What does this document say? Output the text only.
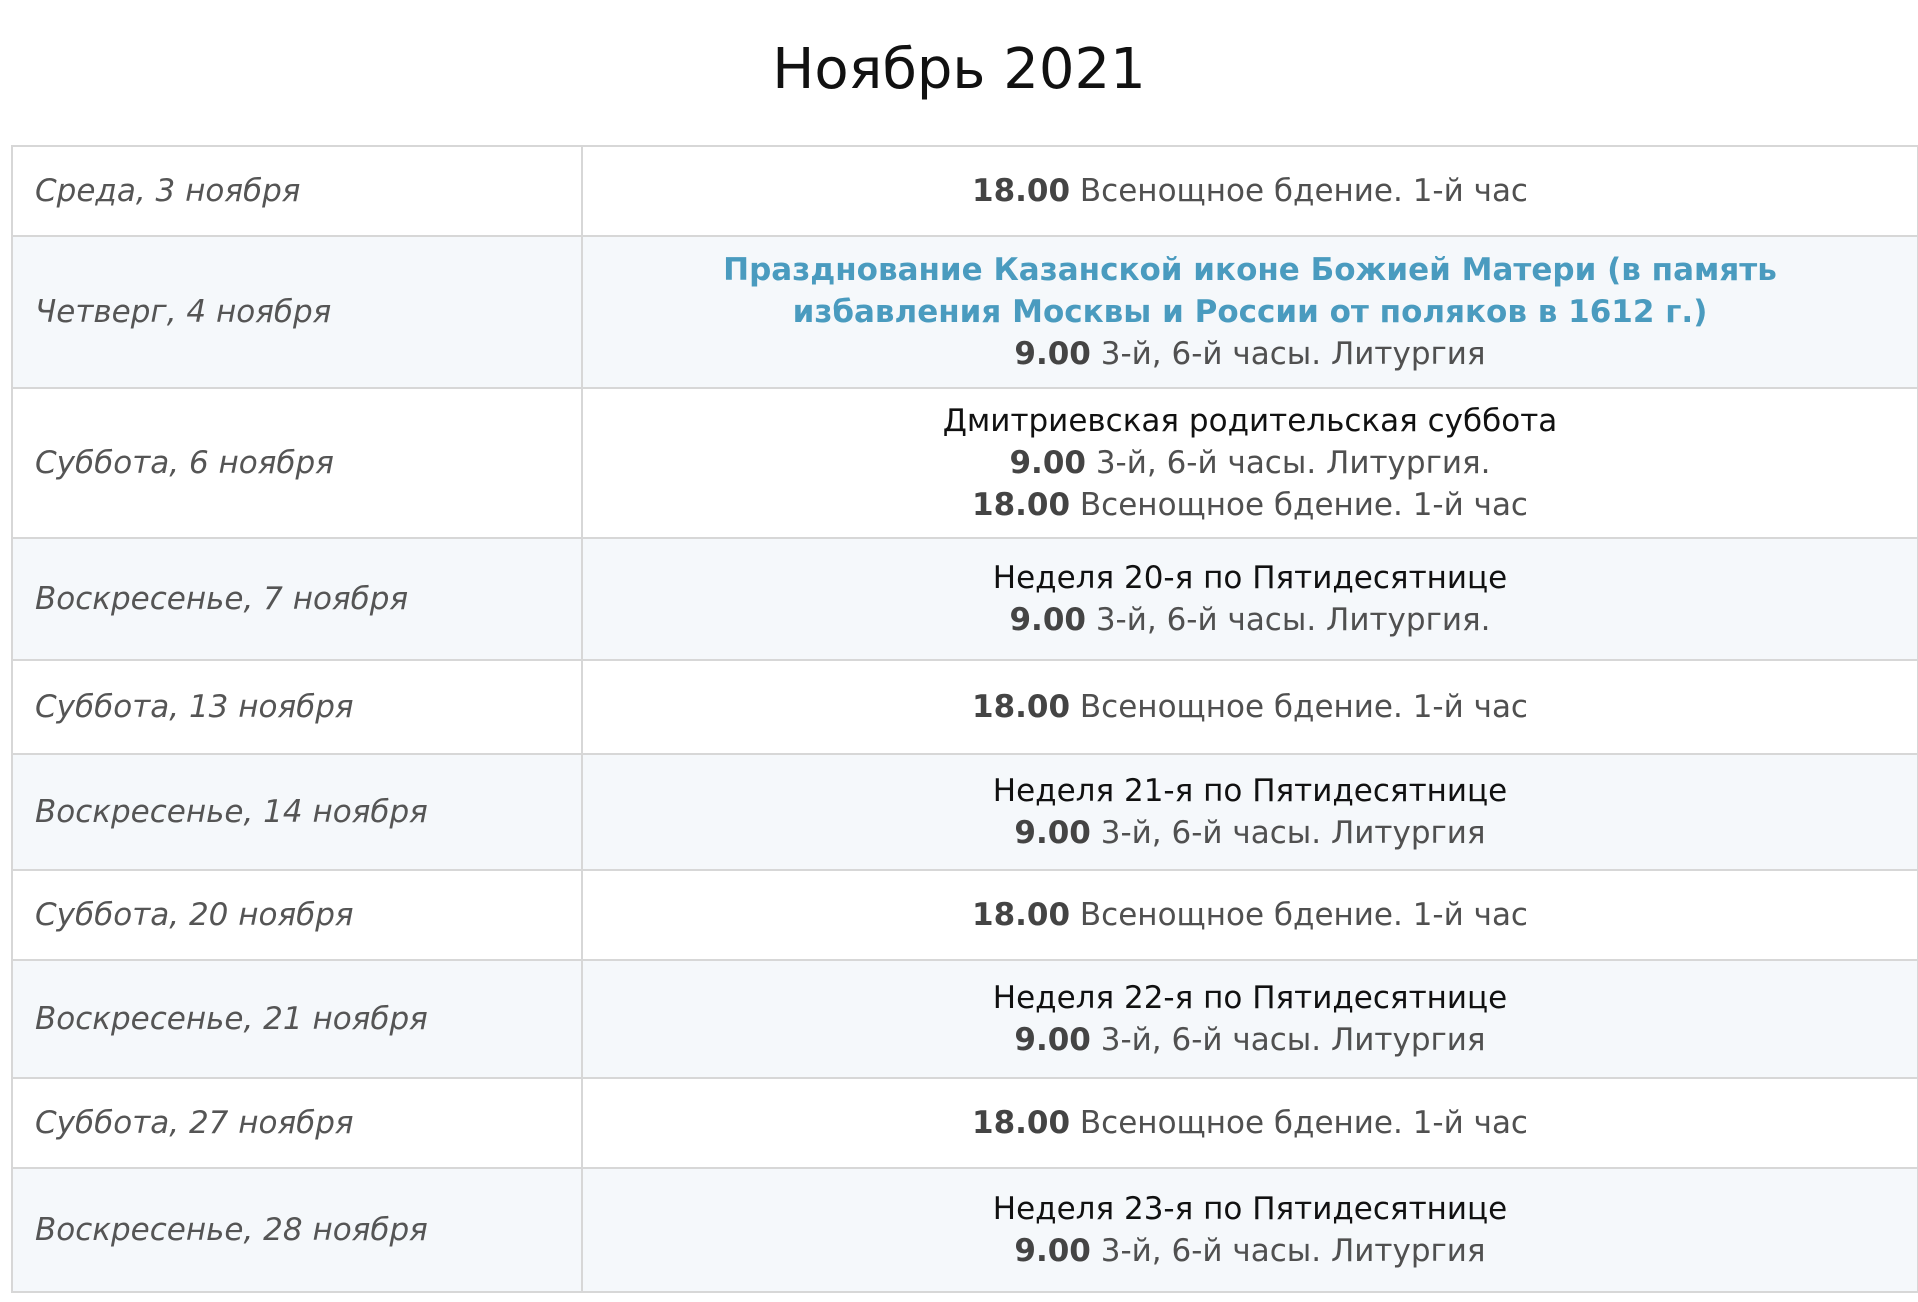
Ноябрь 2021
Среда, 3 ноября	18.00 Всенощное бдение. 1-й час

Четверг, 4 ноября	Празднование Казанской иконе Божией Матери (в память
избавления Москвы и России от поляков в 1612 г.)
9.00 3-й, 6-й часы. Литургия

Суббота, 6 ноября	Дмитриевская родительская суббота
9.00 3-й, 6-й часы. Литургия.
18.00 Всенощное бдение. 1-й час

Воскресенье, 7 ноября	Неделя 20-я по Пятидесятнице
9.00 3-й, 6-й часы. Литургия.

Суббота, 13 ноября	18.00 Всенощное бдение. 1-й час

Воскресенье, 14 ноября	Неделя 21-я по Пятидесятнице
9.00 3-й, 6-й часы. Литургия

Суббота, 20 ноября	18.00 Всенощное бдение. 1-й час

Воскресенье, 21 ноября	Неделя 22-я по Пятидесятнице
9.00 3-й, 6-й часы. Литургия

Суббота, 27 ноября	18.00 Всенощное бдение. 1-й час

Воскресенье, 28 ноября	Неделя 23-я по Пятидесятнице
9.00 3-й, 6-й часы. Литургия
